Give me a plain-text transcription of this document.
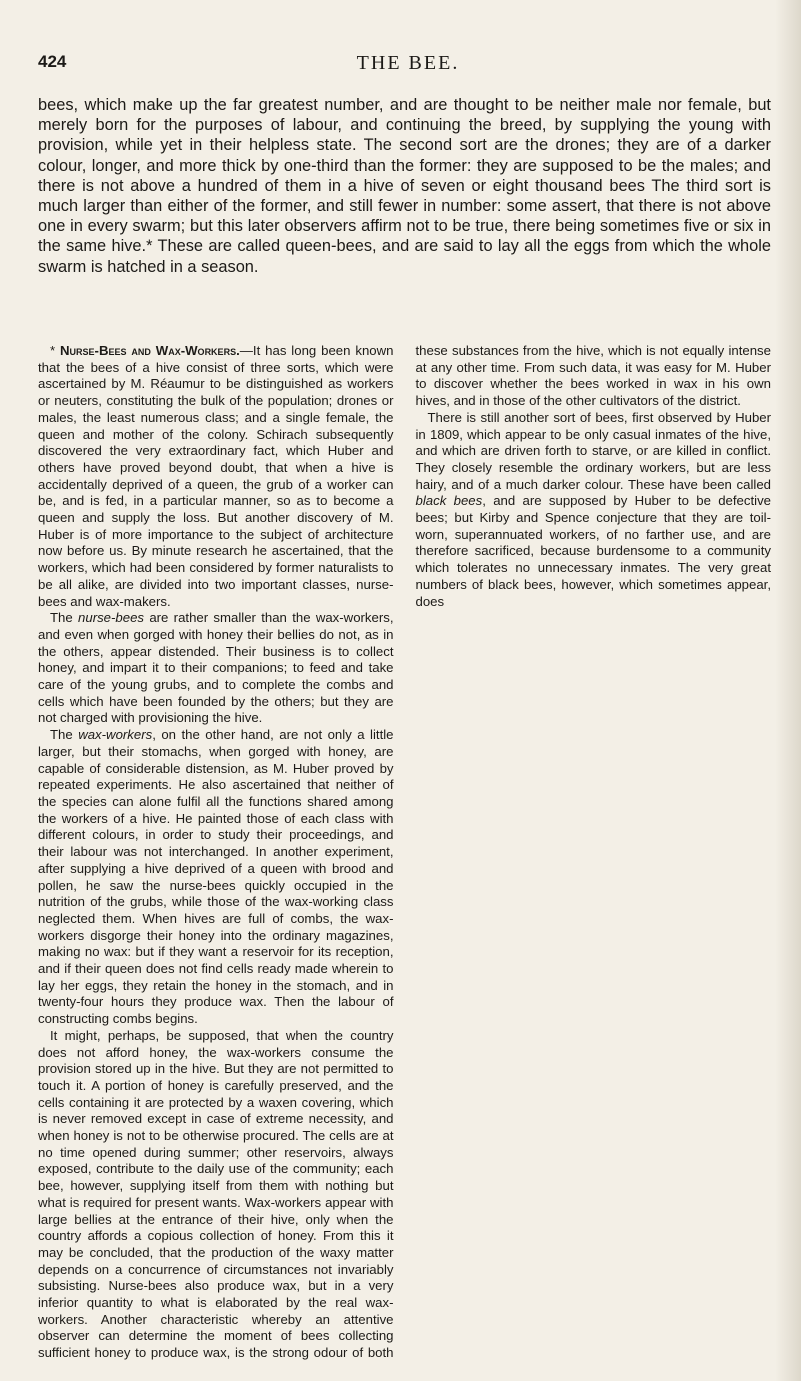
424	THE BEE.

bees, which make up the far greatest number, and are thought to be neither male nor female, but merely born for the purposes of labour, and continuing the breed, by supplying the young with provision, while yet in their helpless state. The second sort are the drones; they are of a darker colour, longer, and more thick by one-third than the former: they are supposed to be the males; and there is not above a hundred of them in a hive of seven or eight thousand bees The third sort is much larger than either of the former, and still fewer in number: some assert, that there is not above one in every swarm; but this later observers affirm not to be true, there being sometimes five or six in the same hive.* These are called queen-bees, and are said to lay all the eggs from which the whole swarm is hatched in a season.

* Nurse-Bees and Wax-Workers.—It has long been known that the bees of a hive consist of three sorts, which were ascertained by M. Réaumur to be distinguished as workers or neuters, constituting the bulk of the population; drones or males, the least numerous class; and a single female, the queen and mother of the colony. Schirach subsequently discovered the very extraordinary fact, which Huber and others have proved beyond doubt, that when a hive is accidentally deprived of a queen, the grub of a worker can be, and is fed, in a particular manner, so as to become a queen and supply the loss. But another discovery of M. Huber is of more importance to the subject of architecture now before us. By minute research he ascertained, that the workers, which had been considered by former naturalists to be all alike, are divided into two important classes, nurse-bees and wax-makers.

The nurse-bees are rather smaller than the wax-workers, and even when gorged with honey their bellies do not, as in the others, appear distended. Their business is to collect honey, and impart it to their companions; to feed and take care of the young grubs, and to complete the combs and cells which have been founded by the others; but they are not charged with provisioning the hive.

The wax-workers, on the other hand, are not only a little larger, but their stomachs, when gorged with honey, are capable of considerable distension, as M. Huber proved by repeated experiments. He also ascertained that neither of the species can alone fulfil all the functions shared among the workers of a hive. He painted those of each class with different colours, in order to study their proceedings, and their labour was not interchanged. In another experiment, after supplying a hive deprived of a queen with brood and pollen, he saw the nurse-bees quickly occupied in the nutrition of the grubs, while those of the wax-working class neglected them. When hives are full of combs, the wax-workers disgorge their honey into the ordinary magazines, making no wax: but if they want a reservoir for its reception, and if their queen does not find cells ready made wherein to lay her eggs, they retain the honey in the stomach, and in twenty-four hours they produce wax. Then the labour of constructing combs begins.

It might, perhaps, be supposed, that when the country does not afford honey, the wax-workers consume the provision stored up in the hive. But they are not permitted to touch it. A portion of honey is carefully preserved, and the cells containing it are protected by a waxen covering, which is never removed except in case of extreme necessity, and when honey is not to be otherwise procured. The cells are at no time opened during summer; other reservoirs, always exposed, contribute to the daily use of the community; each bee, however, supplying itself from them with nothing but what is required for present wants. Wax-workers appear with large bellies at the entrance of their hive, only when the country affords a copious collection of honey. From this it may be concluded, that the production of the waxy matter depends on a concurrence of circumstances not invariably subsisting. Nurse-bees also produce wax, but in a very inferior quantity to what is elaborated by the real wax-workers. Another characteristic whereby an attentive observer can determine the moment of bees collecting sufficient honey to produce wax, is the strong odour of both these substances from the hive, which is not equally intense at any other time. From such data, it was easy for M. Huber to discover whether the bees worked in wax in his own hives, and in those of the other cultivators of the district.

There is still another sort of bees, first observed by Huber in 1809, which appear to be only casual inmates of the hive, and which are driven forth to starve, or are killed in conflict. They closely resemble the ordinary workers, but are less hairy, and of a much darker colour. These have been called black bees, and are supposed by Huber to be defective bees; but Kirby and Spence conjecture that they are toil-worn, superannuated workers, of no farther use, and are therefore sacrificed, because burdensome to a community which tolerates no unnecessary inmates. The very great numbers of black bees, however, which sometimes appear, does
